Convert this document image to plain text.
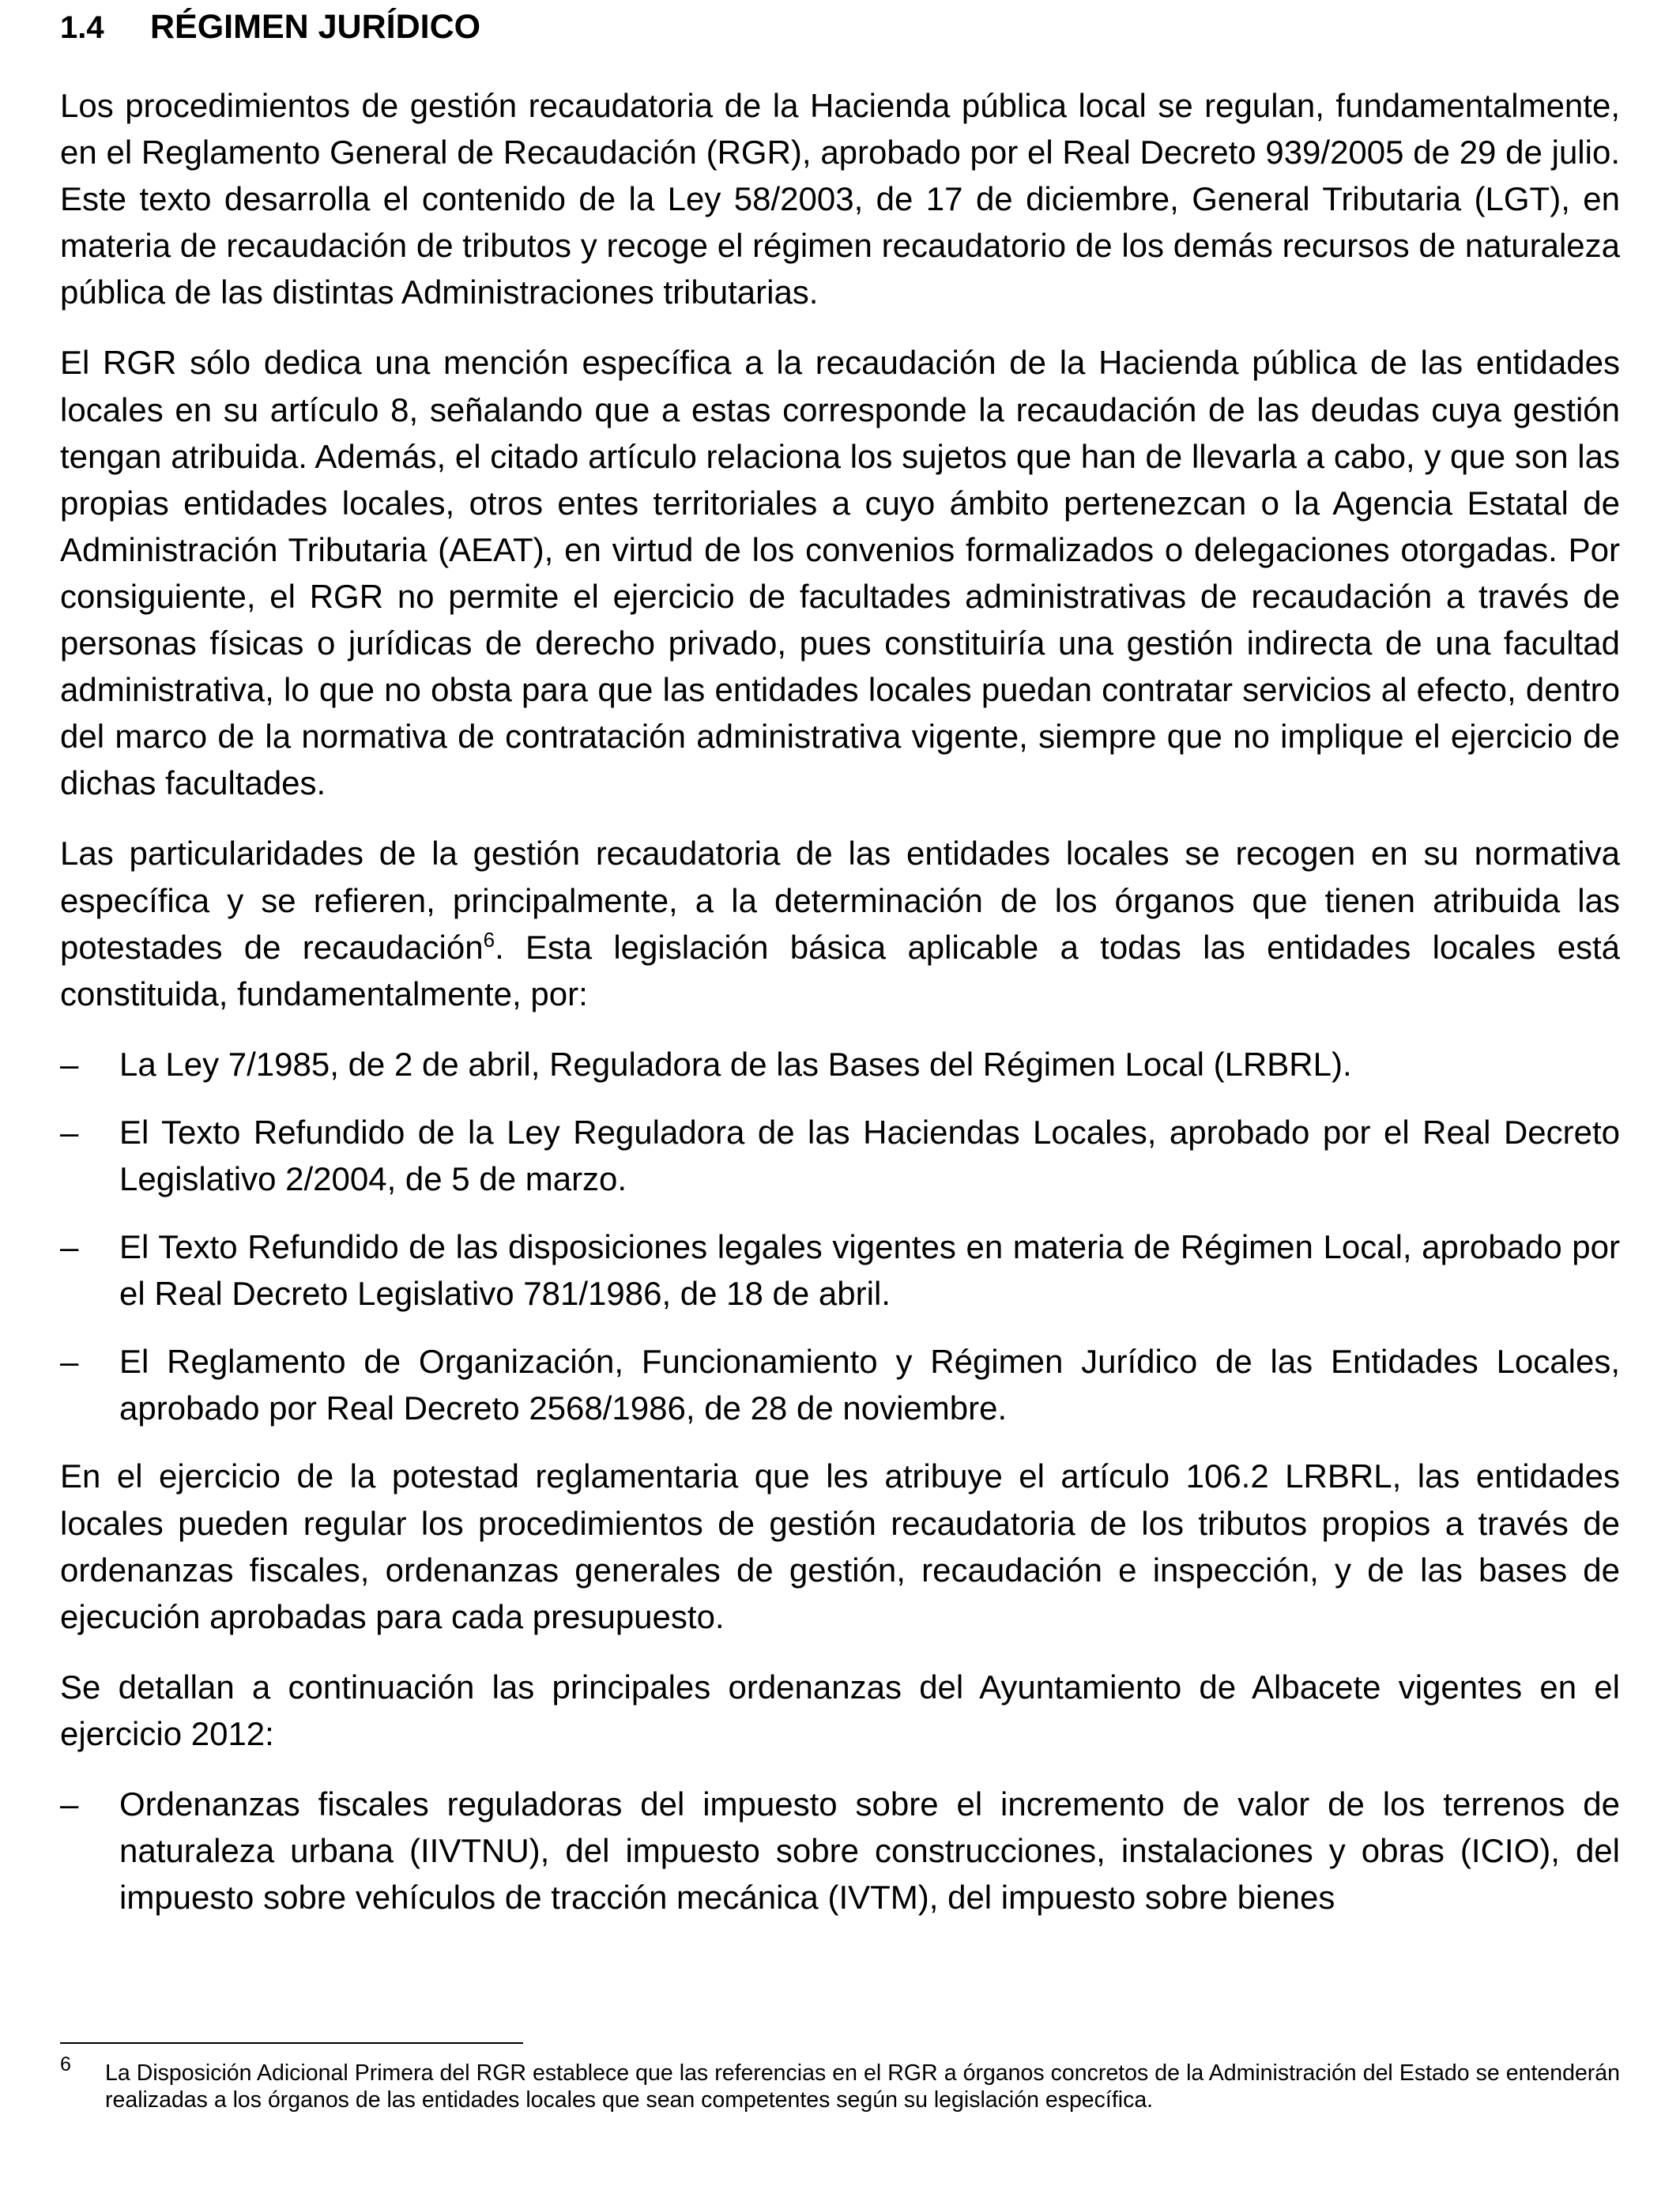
1.4 RÉGIMEN JURÍDICO

Los procedimientos de gestión recaudatoria de la Hacienda pública local se regulan, fundamentalmente, en el Reglamento General de Recaudación (RGR), aprobado por el Real Decreto 939/2005 de 29 de julio. Este texto desarrolla el contenido de la Ley 58/2003, de 17 de diciembre, General Tributaria (LGT), en materia de recaudación de tributos y recoge el régimen recaudatorio de los demás recursos de naturaleza pública de las distintas Administraciones tributarias.

El RGR sólo dedica una mención específica a la recaudación de la Hacienda pública de las entidades locales en su artículo 8, señalando que a estas corresponde la recaudación de las deudas cuya gestión tengan atribuida. Además, el citado artículo relaciona los sujetos que han de llevarla a cabo, y que son las propias entidades locales, otros entes territoriales a cuyo ámbito pertenezcan o la Agencia Estatal de Administración Tributaria (AEAT), en virtud de los convenios formalizados o delegaciones otorgadas. Por consiguiente, el RGR no permite el ejercicio de facultades administrativas de recaudación a través de personas físicas o jurídicas de derecho privado, pues constituiría una gestión indirecta de una facultad administrativa, lo que no obsta para que las entidades locales puedan contratar servicios al efecto, dentro del marco de la normativa de contratación administrativa vigente, siempre que no implique el ejercicio de dichas facultades.

Las particularidades de la gestión recaudatoria de las entidades locales se recogen en su normativa específica y se refieren, principalmente, a la determinación de los órganos que tienen atribuida las potestades de recaudación$^6$. Esta legislación básica aplicable a todas las entidades locales está constituida, fundamentalmente, por:

–	La Ley 7/1985, de 2 de abril, Reguladora de las Bases del Régimen Local (LRBRL).
–	El Texto Refundido de la Ley Reguladora de las Haciendas Locales, aprobado por el Real Decreto Legislativo 2/2004, de 5 de marzo.
–	El Texto Refundido de las disposiciones legales vigentes en materia de Régimen Local, aprobado por el Real Decreto Legislativo 781/1986, de 18 de abril.
–	El Reglamento de Organización, Funcionamiento y Régimen Jurídico de las Entidades Locales, aprobado por Real Decreto 2568/1986, de 28 de noviembre.

En el ejercicio de la potestad reglamentaria que les atribuye el artículo 106.2 LRBRL, las entidades locales pueden regular los procedimientos de gestión recaudatoria de los tributos propios a través de ordenanzas fiscales, ordenanzas generales de gestión, recaudación e inspección, y de las bases de ejecución aprobadas para cada presupuesto.

Se detallan a continuación las principales ordenanzas del Ayuntamiento de Albacete vigentes en el ejercicio 2012:

–	Ordenanzas fiscales reguladoras del impuesto sobre el incremento de valor de los terrenos de naturaleza urbana (IIVTNU), del impuesto sobre construcciones, instalaciones y obras (ICIO), del impuesto sobre vehículos de tracción mecánica (IVTM), del impuesto sobre bienes
6 La Disposición Adicional Primera del RGR establece que las referencias en el RGR a órganos concretos de la Administración del Estado se entenderán realizadas a los órganos de las entidades locales que sean competentes según su legislación específica.
